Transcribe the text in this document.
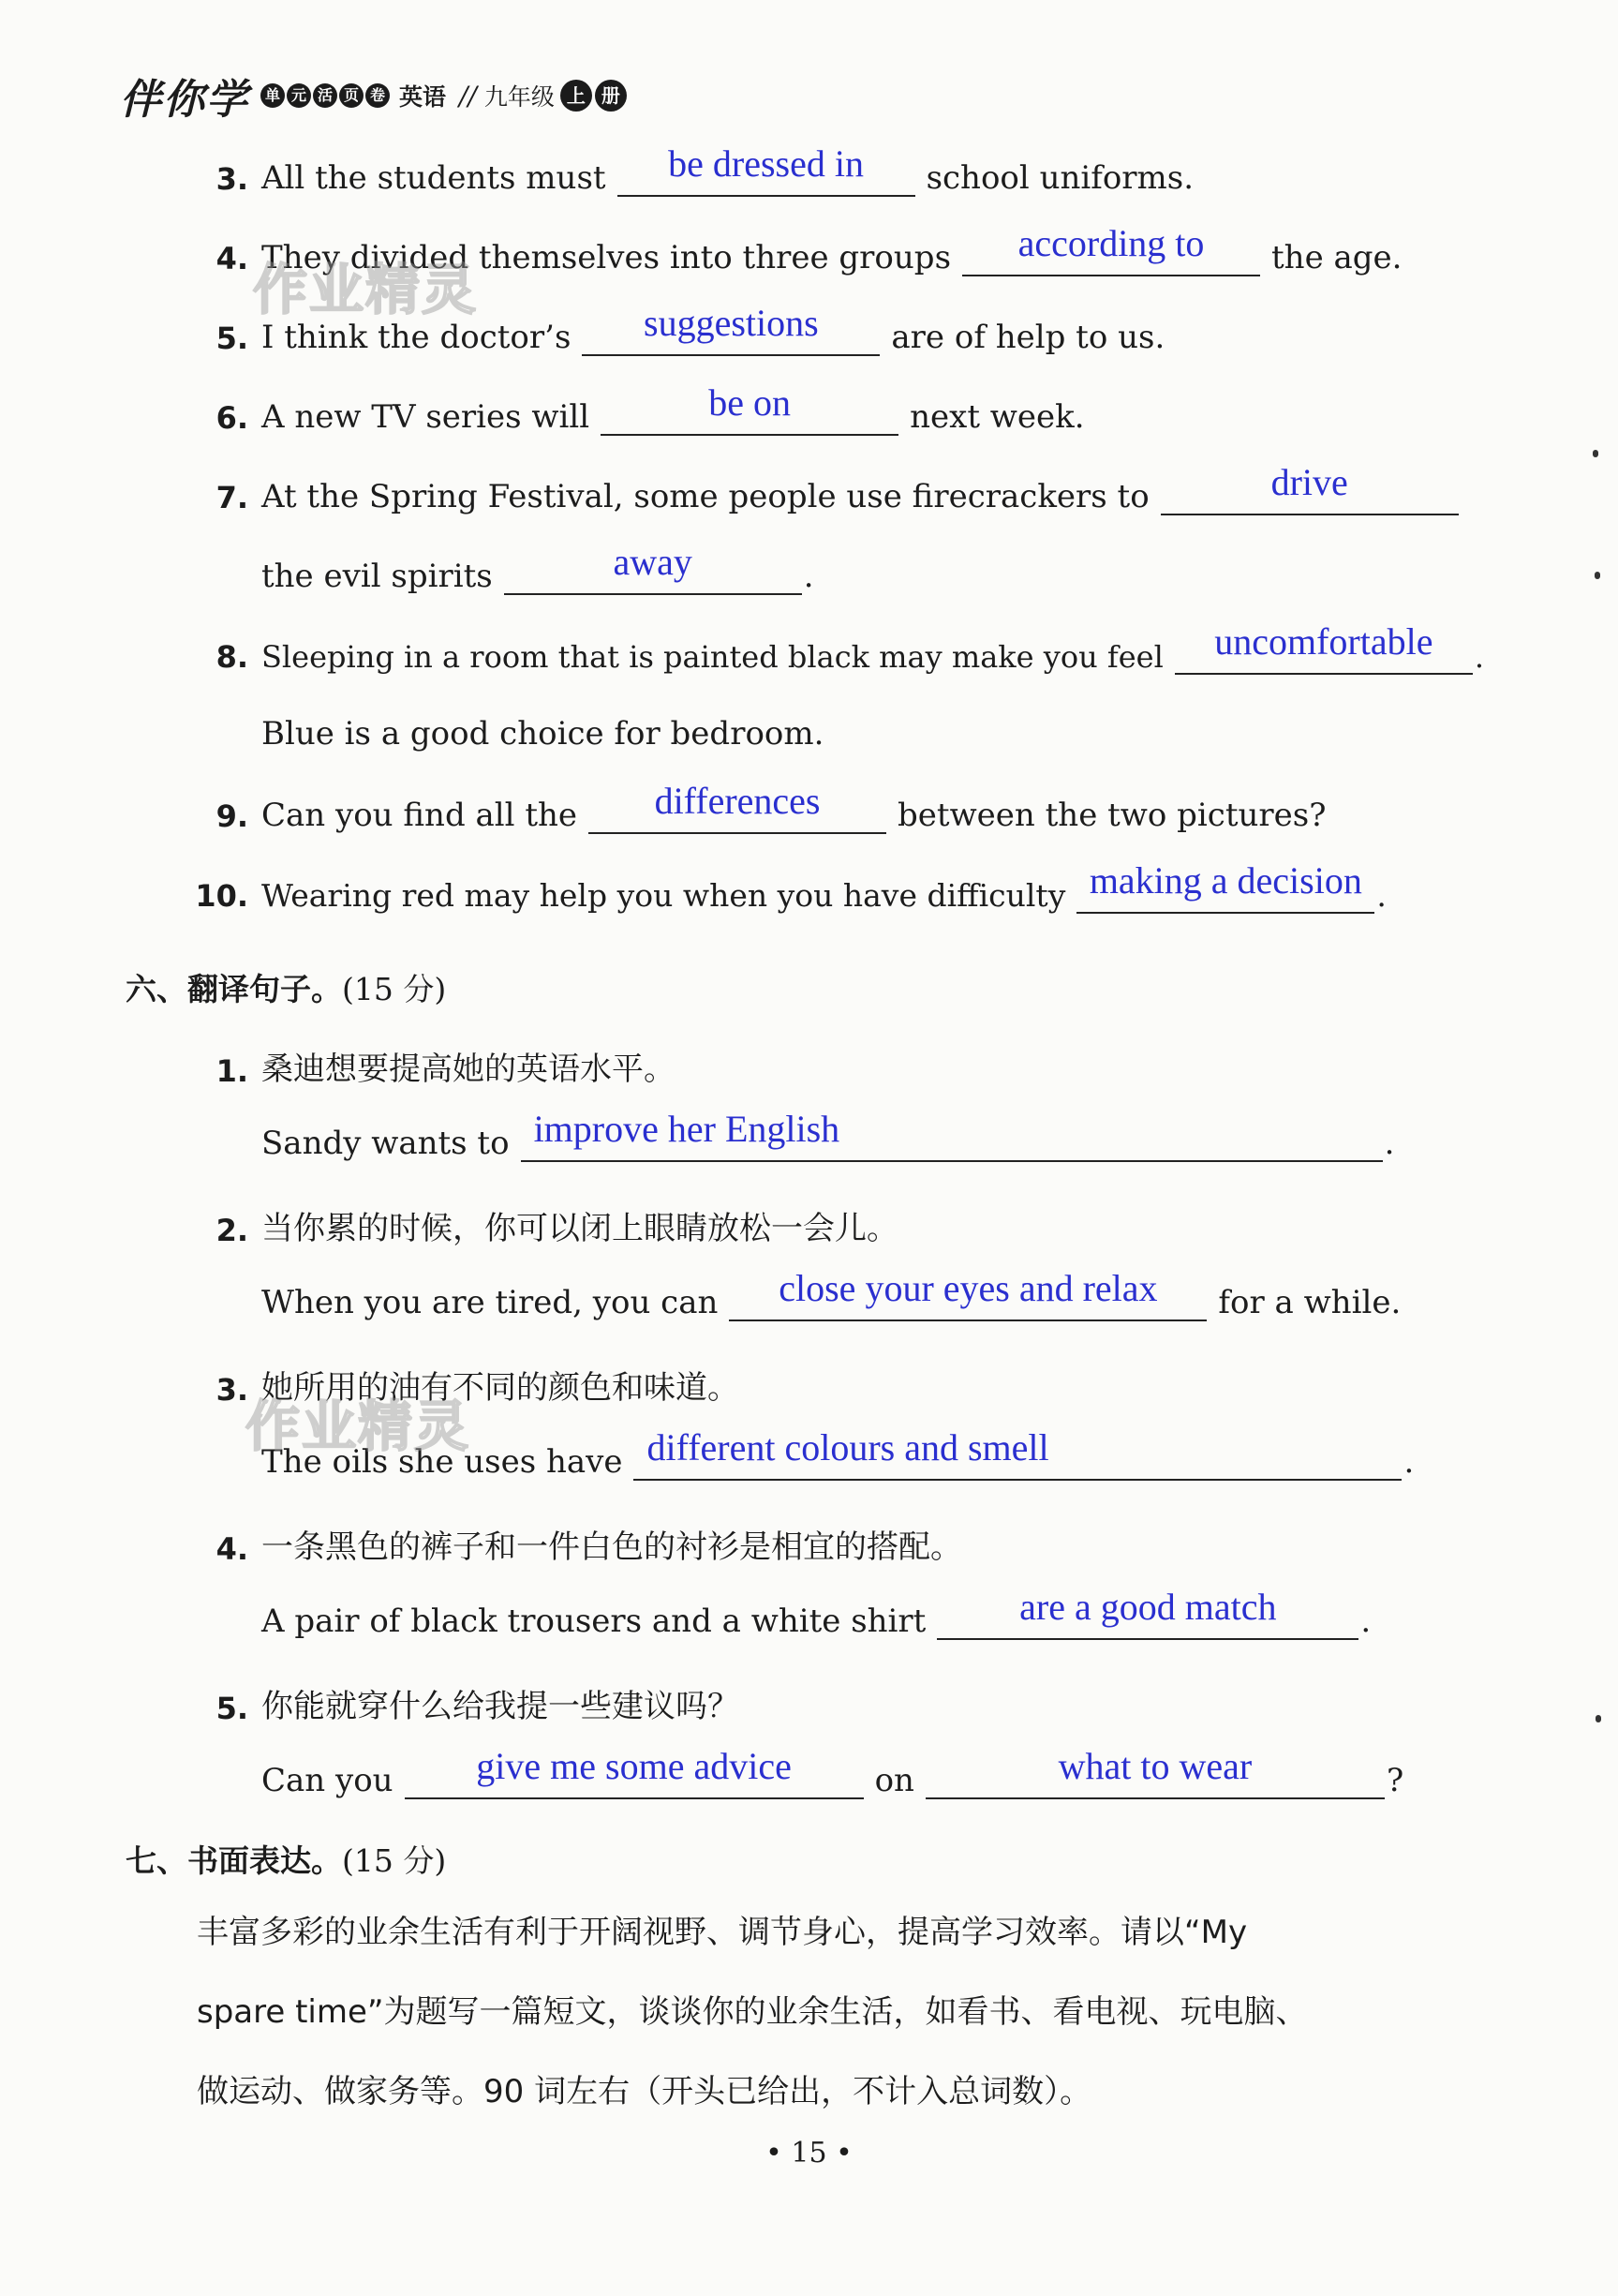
伴你学	单 元 活 页 卷 英语 // 九年级 上 册
3. All the students must	be dressed in	school uniforms.
4. They divided themselves into three groups	according to	the age.
5. I think the doctor’s	suggestions	are of help to us.
6. A new TV series will	be on	next week.
7. At the Spring Festival, some people use firecrackers to	drive
the evil spirits	away	.
8. Sleeping in a room that is painted black may make you feel	uncomfortable	.
Blue is a good choice for bedroom.
9. Can you find all the	differences	between the two pictures?
10. Wearing red may help you when you have difficulty making a decision .
六、翻译句子。(15 分)
1. 桑迪想要提高她的英语水平。
Sandy wants to improve her English	.
2. 当你累的时候，你可以闭上眼睛放松一会儿。
When you are tired, you can	close your eyes and relax	for a while.
3. 她所用的油有不同的颜色和味道。
The oils she uses have different colours and smell	.
4. 一条黑色的裤子和一件白色的衬衫是相宜的搭配。
A pair of black trousers and a white shirt	are a good match	.
5. 你能就穿什么给我提一些建议吗？
Can you	give me some advice	on	what to wear	?
七、书面表达。(15 分)
丰富多彩的业余生活有利于开阔视野、调节身心，提高学习效率。请以“My
spare time”为题写一篇短文，谈谈你的业余生活，如看书、看电视、玩电脑、
做运动、做家务等。90 词左右（开头已给出，不计入总词数）。
作业精灵
作业精灵
• 15 •
